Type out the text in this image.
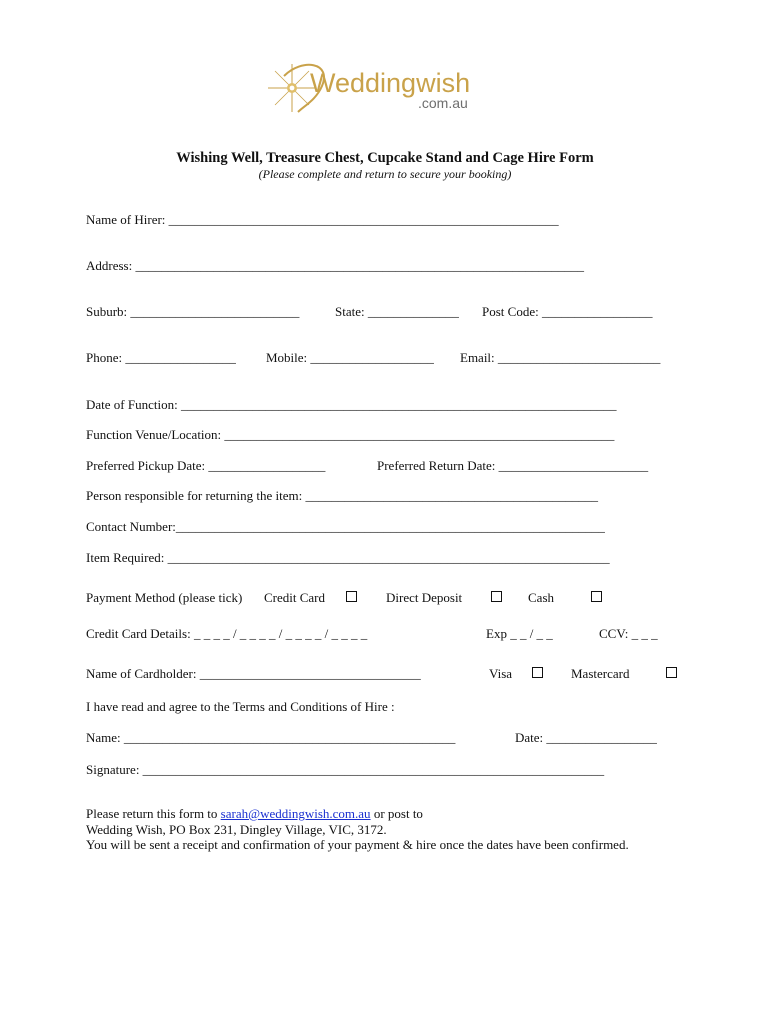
Weddingwish
.com.au
Wishing Well, Treasure Chest, Cupcake Stand and Cage Hire Form
(Please complete and return to secure your booking)
Name of Hirer: ____________________________________________________________
Address: _____________________________________________________________________
Suburb: __________________________	State: ______________ Post Code: _________________
Phone: _________________ Mobile: ___________________ Email: _________________________
Date of Function: ___________________________________________________________________
Function Venue/Location: ____________________________________________________________
Preferred Pickup Date: __________________	Preferred Return Date: _______________________
Person responsible for returning the item: _____________________________________________
Contact Number:__________________________________________________________________
Item Required: ____________________________________________________________________
Payment Method (please tick) Credit Card	Direct Deposit	Cash
Credit Card Details: _ _ _ _ / _ _ _ _ / _ _ _ _ / _ _ _ _	Exp _ _ / _ _	CCV: _ _ _
Name of Cardholder: __________________________________	Visa	Mastercard
I have read and agree to the Terms and Conditions of Hire :
Name: ___________________________________________________	Date: _________________
Signature: _______________________________________________________________________
Please return this form to sarah@weddingwish.com.au or post to
Wedding Wish, PO Box 231, Dingley Village, VIC, 3172.
You will be sent a receipt and confirmation of your payment & hire once the dates have been confirmed.
